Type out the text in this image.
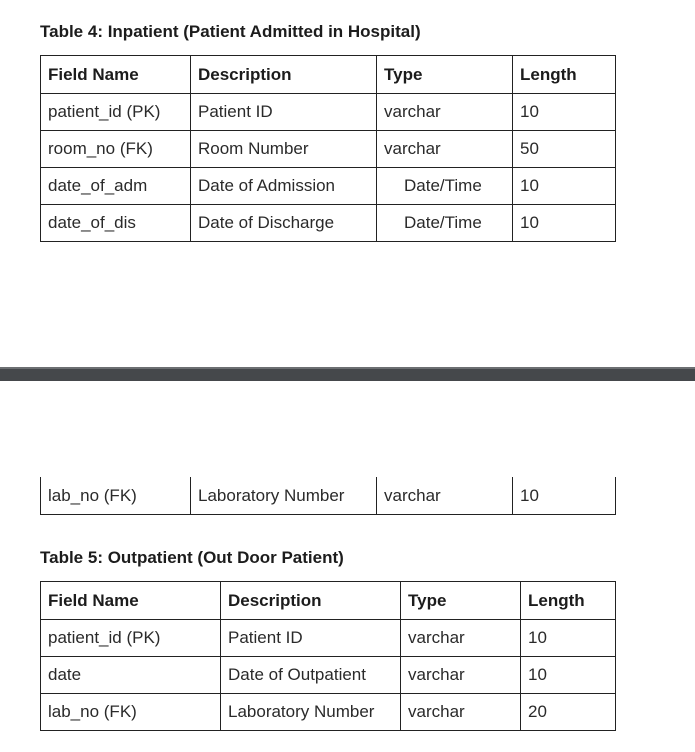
Table 4: Inpatient (Patient Admitted in Hospital)
Field Name	Description	Type	Length
patient_id (PK)	Patient ID	varchar	10
room_no (FK)	Room Number	varchar	50
date_of_adm	Date of Admission	Date/Time	10
date_of_dis	Date of Discharge	Date/Time	10
lab_no (FK)	Laboratory Number	varchar	10
Table 5: Outpatient (Out Door Patient)
Field Name	Description	Type	Length
patient_id (PK)	Patient ID	varchar	10
date	Date of Outpatient	varchar	10
lab_no (FK)	Laboratory Number	varchar	20
